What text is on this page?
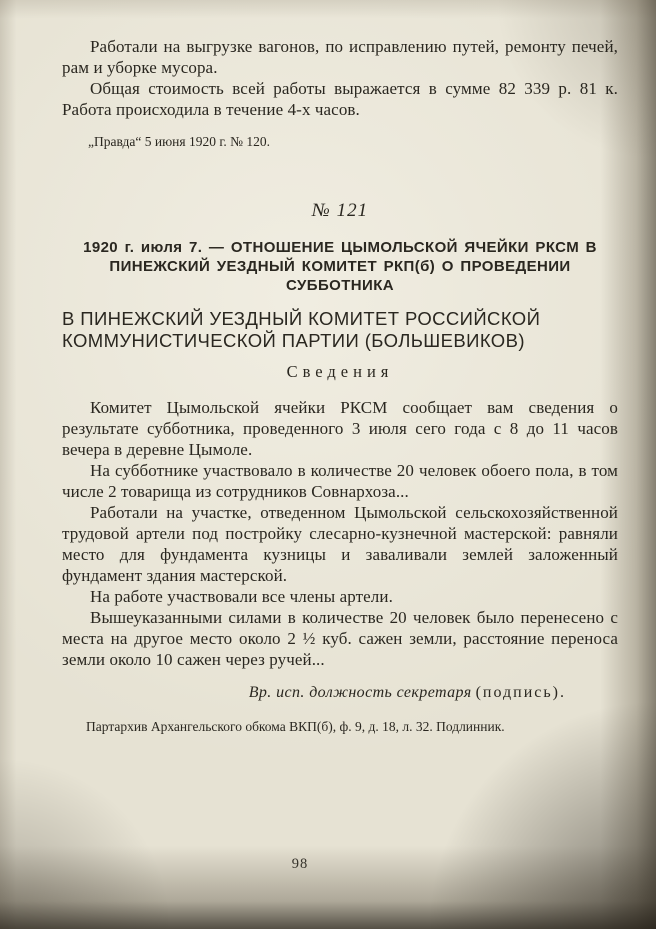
Работали на выгрузке вагонов, по исправлению путей, ремонту печей, рам и уборке мусора.

Общая стоимость всей работы выражается в сумме 82 339 р. 81 к. Работа происходила в течение 4-х часов.

„Правда“ 5 июня 1920 г. № 120.

№ 121
1920 г. июля 7. — ОТНОШЕНИЕ ЦЫМОЛЬСКОЙ ЯЧЕЙКИ РКСМ В ПИНЕЖСКИЙ УЕЗДНЫЙ КОМИТЕТ РКП(б) О ПРОВЕДЕНИИ СУББОТНИКА
В ПИНЕЖСКИЙ УЕЗДНЫЙ КОМИТЕТ РОССИЙСКОЙ КОММУНИСТИЧЕСКОЙ ПАРТИИ (БОЛЬШЕВИКОВ)
Сведения

Комитет Цымольской ячейки РКСМ сообщает вам сведения о результате субботника, проведенного 3 июля сего года с 8 до 11 часов вечера в деревне Цымоле.

На субботнике участвовало в количестве 20 человек обоего пола, в том числе 2 товарища из сотрудников Совнархоза...

Работали на участке, отведенном Цымольской сельскохозяйственной трудовой артели под постройку слесарно-кузнечной мастерской: равняли место для фундамента кузницы и заваливали землей заложенный фундамент здания мастерской.

На работе участвовали все члены артели.

Вышеуказанными силами в количестве 20 человек было перенесено с места на другое место около 2 ½ куб. сажен земли, расстояние переноса земли около 10 сажен через ручей...

Вр. исп. должность секретаря (подпись).

Партархив Архангельского обкома ВКП(б), ф. 9, д. 18, л. 32. Подлинник.

98
